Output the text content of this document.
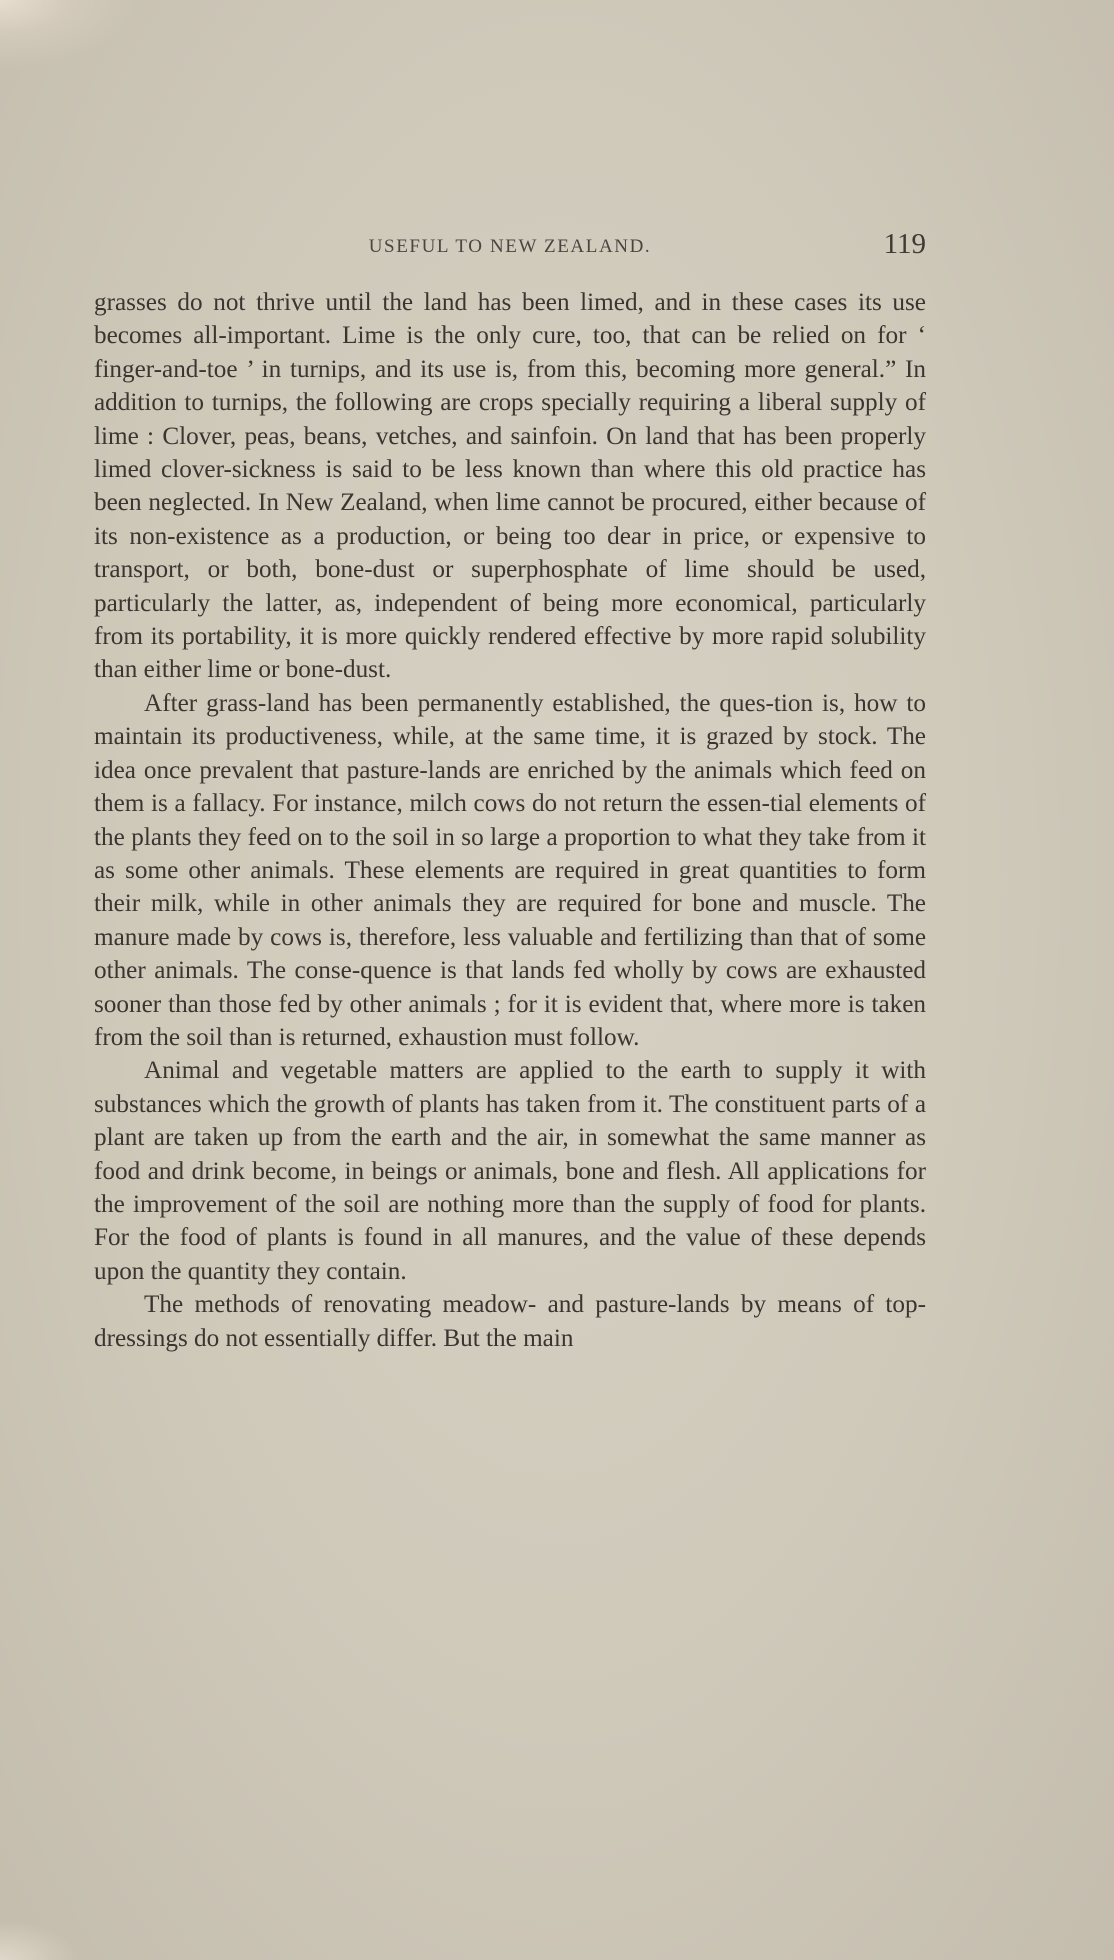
USEFUL TO NEW ZEALAND.	119

grasses do not thrive until the land has been limed, and in these cases its use becomes all-important. Lime is the only cure, too, that can be relied on for ‘ finger-and-toe ’ in turnips, and its use is, from this, becoming more general.” In addition to turnips, the following are crops specially requiring a liberal supply of lime : Clover, peas, beans, vetches, and sainfoin. On land that has been properly limed clover-sickness is said to be less known than where this old practice has been neglected. In New Zealand, when lime cannot be procured, either because of its non-existence as a production, or being too dear in price, or expensive to transport, or both, bone-dust or superphosphate of lime should be used, particularly the latter, as, independent of being more economical, particularly from its portability, it is more quickly rendered effective by more rapid solubility than either lime or bone-dust.

After grass-land has been permanently established, the ques-tion is, how to maintain its productiveness, while, at the same time, it is grazed by stock. The idea once prevalent that pasture-lands are enriched by the animals which feed on them is a fallacy. For instance, milch cows do not return the essen-tial elements of the plants they feed on to the soil in so large a proportion to what they take from it as some other animals. These elements are required in great quantities to form their milk, while in other animals they are required for bone and muscle. The manure made by cows is, therefore, less valuable and fertilizing than that of some other animals. The conse-quence is that lands fed wholly by cows are exhausted sooner than those fed by other animals ; for it is evident that, where more is taken from the soil than is returned, exhaustion must follow.

Animal and vegetable matters are applied to the earth to supply it with substances which the growth of plants has taken from it. The constituent parts of a plant are taken up from the earth and the air, in somewhat the same manner as food and drink become, in beings or animals, bone and flesh. All applications for the improvement of the soil are nothing more than the supply of food for plants. For the food of plants is found in all manures, and the value of these depends upon the quantity they contain.

The methods of renovating meadow- and pasture-lands by means of top-dressings do not essentially differ. But the main
